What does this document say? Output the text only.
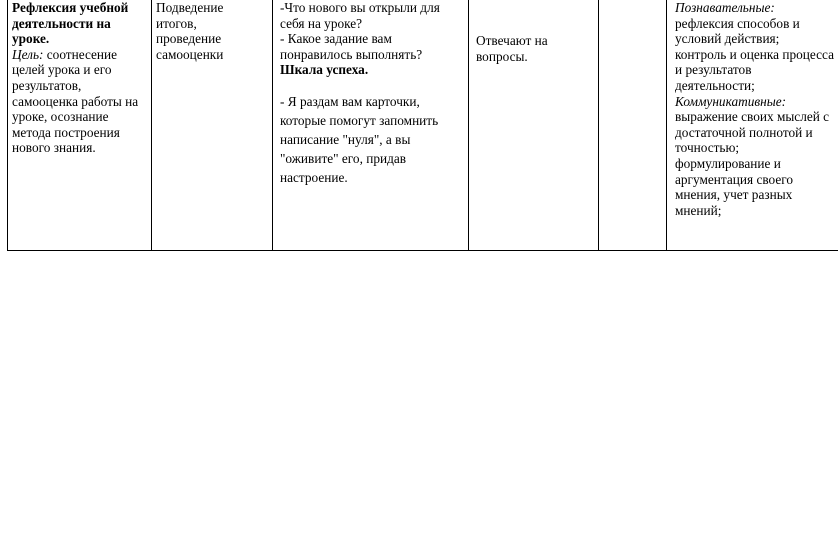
Рефлексия учебной
деятельности на
уроке.
Цель: соотнесение
целей урока и его
результатов,
самооценка работы на
уроке, осознание
метода построения
нового знания.
Подведение
итогов,
проведение
самооценки
-Что нового вы открыли для
себя на уроке?
- Какое задание вам
понравилось выполнять?
Шкала успеха.
- Я раздам вам карточки,
которые помогут запомнить
написание "нуля", а вы
"оживите" его, придав
настроение.
Отвечают на
вопросы.
Познавательные:
рефлексия способов и
условий действия;
контроль и оценка процесса
и результатов
деятельности;
Коммуникативные:
выражение своих мыслей с
достаточной полнотой и
точностью;
формулирование и
аргументация своего
мнения, учет разных
мнений;
